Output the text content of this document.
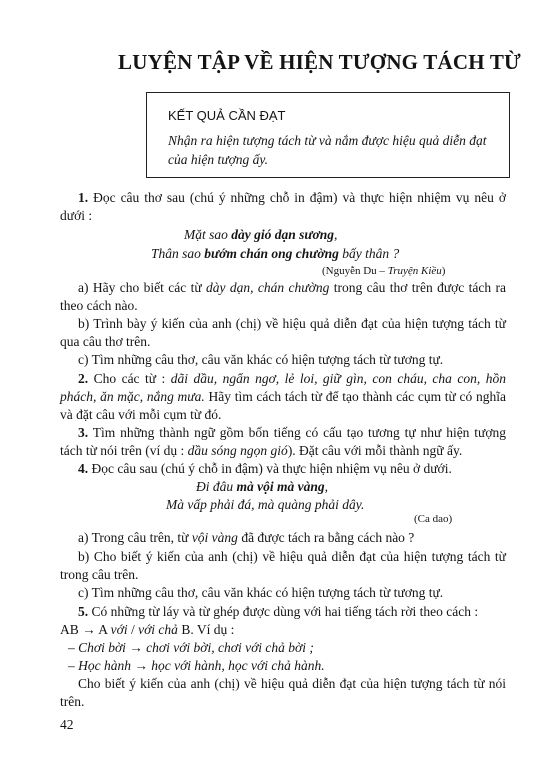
LUYỆN TẬP VỀ HIỆN TƯỢNG TÁCH TỪ
KẾT QUẢ CẦN ĐẠT
Nhận ra hiện tượng tách từ và nắm được hiệu quả diễn đạt của hiện tượng ấy.
1. Đọc câu thơ sau (chú ý những chỗ in đậm) và thực hiện nhiệm vụ nêu ở dưới :
Mặt sao dày gió dạn sương,
Thân sao bướm chán ong chường bấy thân ?
(Nguyễn Du – Truyện Kiều)
a) Hãy cho biết các từ dày dạn, chán chường trong câu thơ trên được tách ra theo cách nào.
b) Trình bày ý kiến của anh (chị) về hiệu quả diễn đạt của hiện tượng tách từ qua câu thơ trên.
c) Tìm những câu thơ, câu văn khác có hiện tượng tách từ tương tự.
2. Cho các từ : dãi dầu, ngẩn ngơ, lẻ loi, giữ gìn, con cháu, cha con, hồn phách, ăn mặc, nắng mưa. Hãy tìm cách tách từ để tạo thành các cụm từ có nghĩa và đặt câu với mỗi cụm từ đó.
3. Tìm những thành ngữ gồm bốn tiếng có cấu tạo tương tự như hiện tượng tách từ nói trên (ví dụ : dầu sóng ngọn gió). Đặt câu với mỗi thành ngữ ấy.
4. Đọc câu sau (chú ý chỗ in đậm) và thực hiện nhiệm vụ nêu ở dưới.
Đi đâu mà vội mà vàng,
Mà vấp phải đá, mà quàng phải dây.
(Ca dao)
a) Trong câu trên, từ vội vàng đã được tách ra bằng cách nào ?
b) Cho biết ý kiến của anh (chị) về hiệu quả diễn đạt của hiện tượng tách từ trong câu trên.
c) Tìm những câu thơ, câu văn khác có hiện tượng tách từ tương tự.
5. Có những từ láy và từ ghép được dùng với hai tiếng tách rời theo cách :
AB → A với / với chả B. Ví dụ :
– Chơi bời → chơi với bời, chơi với chả bời ;
– Học hành → học với hành, học với chả hành.
Cho biết ý kiến của anh (chị) về hiệu quả diễn đạt của hiện tượng tách từ nói trên.
42
